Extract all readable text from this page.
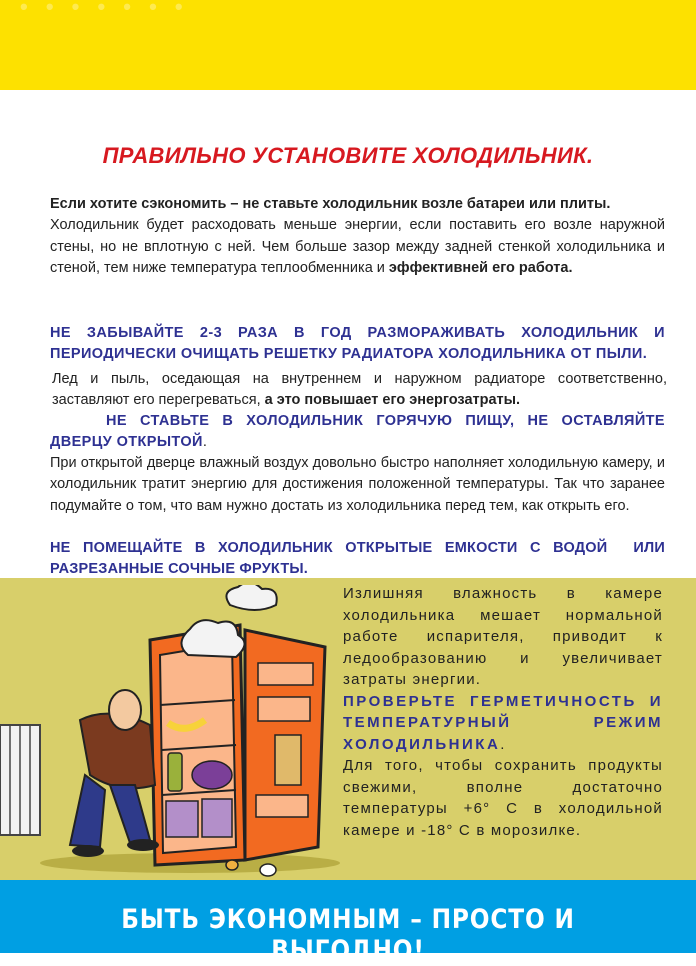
• • • • • • •
ПРАВИЛЬНО УСТАНОВИТЕ ХОЛОДИЛЬНИК.

Если хотите сэкономить – не ставьте холодильник возле батареи или плиты.
Холодильник будет расходовать меньше энергии, если поставить его возле наружной стены, но не вплотную с ней. Чем больше зазор между задней стенкой холодильника и стеной, тем ниже температура теплообменника и эффективней его работа.

НЕ ЗАБЫВАЙТЕ 2-3 РАЗА В ГОД РАЗМОРАЖИВАТЬ ХОЛОДИЛЬНИК И ПЕРИОДИЧЕСКИ ОЧИЩАТЬ РЕШЕТКУ РАДИАТОРА ХОЛОДИЛЬНИКА ОТ ПЫЛИ.

Лед и пыль, оседающая на внутреннем и наружном радиаторе соответственно, заставляют его перегреваться, а это повышает его энергозатраты.

НЕ СТАВЬТЕ В ХОЛОДИЛЬНИК ГОРЯЧУЮ ПИЩУ, НЕ ОСТАВЛЯЙТЕ ДВЕРЦУ ОТКРЫТОЙ.

При открытой дверце влажный воздух довольно быстро наполняет холодильную камеру, и холодильник тратит энергию для достижения положенной температуры. Так что заранее подумайте о том, что вам нужно достать из холодильника перед тем, как открыть его.

НЕ ПОМЕЩАЙТЕ В ХОЛОДИЛЬНИК ОТКРЫТЫЕ ЕМКОСТИ С ВОДОЙ ИЛИ РАЗРЕЗАННЫЕ СОЧНЫЕ ФРУКТЫ.

Излишняя влажность в камере холодильника мешает нормальной работе испарителя, приводит к ледообразованию и увеличивает затраты энергии.

ПРОВЕРЬТЕ ГЕРМЕТИЧНОСТЬ И ТЕМПЕРАТУРНЫЙ РЕЖИМ ХОЛОДИЛЬНИКА.

Для того, чтобы сохранить продукты свежими, вполне достаточно температуры +6° С в холодильной камере и -18° С в морозилке.

БЫТЬ ЭКОНОМНЫМ – ПРОСТО И ВЫГОДНО!
